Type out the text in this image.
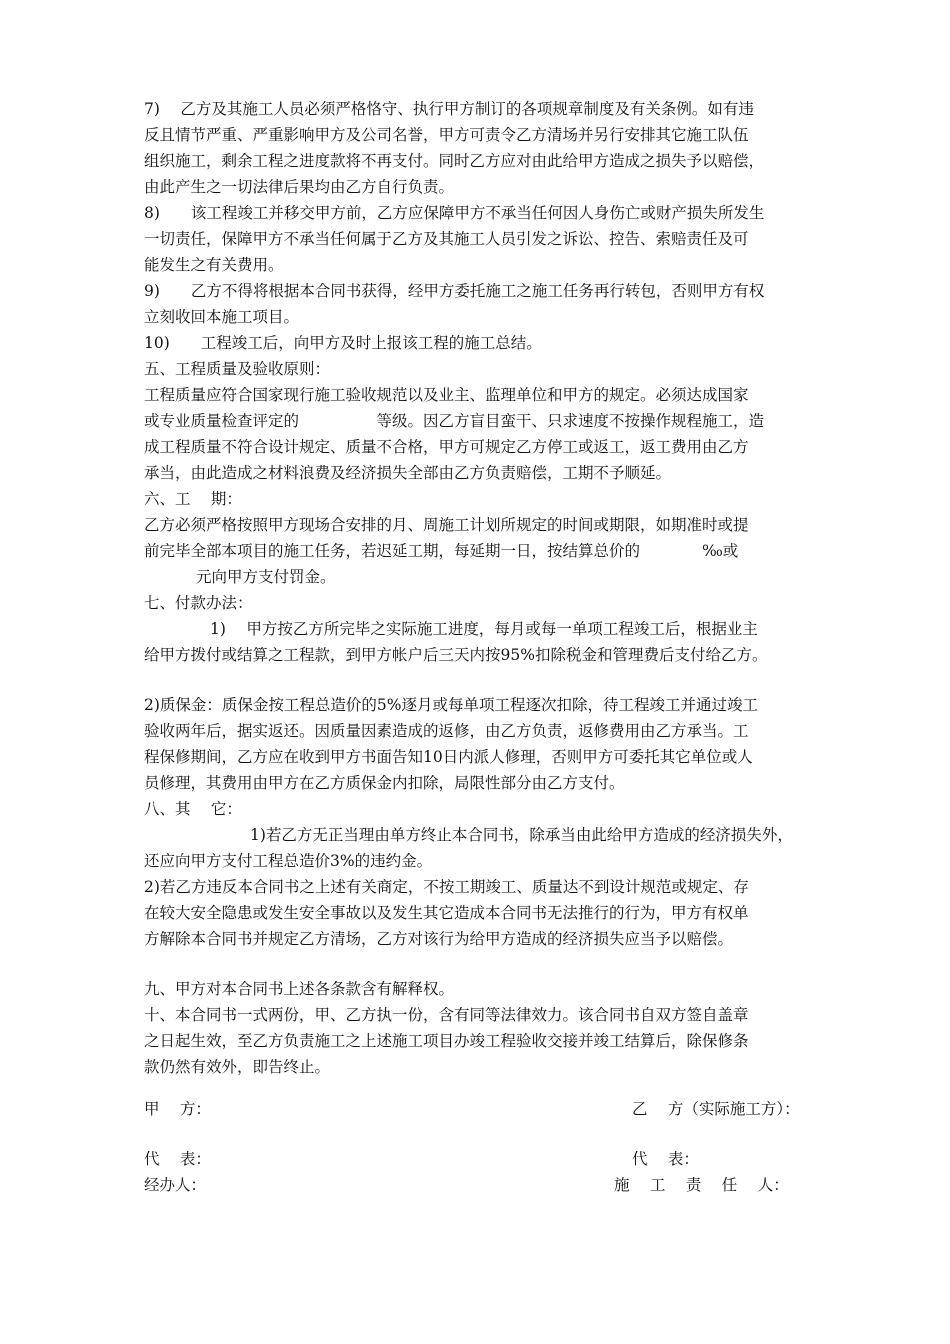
7)　 乙方及其施工人员必须严格恪守、执行甲方制订的各项规章制度及有关条例。如有违
反且情节严重、严重影响甲方及公司名誉，甲方可责令乙方清场并另行安排其它施工队伍
组织施工，剩余工程之进度款将不再支付。同时乙方应对由此给甲方造成之损失予以赔偿，
由此产生之一切法律后果均由乙方自行负责。
8)　　该工程竣工并移交甲方前，乙方应保障甲方不承当任何因人身伤亡或财产损失所发生
一切责任，保障甲方不承当任何属于乙方及其施工人员引发之诉讼、控告、索赔责任及可
能发生之有关费用。
9)　　乙方不得将根据本合同书获得，经甲方委托施工之施工任务再行转包，否则甲方有权
立刻收回本施工项目。
10)　　工程竣工后，向甲方及时上报该工程的施工总结。
五、工程质量及验收原则：
工程质量应符合国家现行施工验收规范以及业主、监理单位和甲方的规定。必须达成国家
或专业质量检查评定的　　　　　等级。因乙方盲目蛮干、只求速度不按操作规程施工，造
成工程质量不符合设计规定、质量不合格，甲方可规定乙方停工或返工，返工费用由乙方
承当，由此造成之材料浪费及经济损失全部由乙方负责赔偿，工期不予顺延。
六、工　 期：
乙方必须严格按照甲方现场合安排的月、周施工计划所规定的时间或期限，如期准时或提
前完毕全部本项目的施工任务，若迟延工期，每延期一日，按结算总价的　　　　‰或
元向甲方支付罚金。
七、付款办法：
1)　 甲方按乙方所完毕之实际施工进度，每月或每一单项工程竣工后，根据业主
给甲方拨付或结算之工程款，到甲方帐户后三天内按95%扣除税金和管理费后支付给乙方。
2)质保金：质保金按工程总造价的5%逐月或每单项工程逐次扣除，待工程竣工并通过竣工
验收两年后，据实返还。因质量因素造成的返修，由乙方负责，返修费用由乙方承当。工
程保修期间，乙方应在收到甲方书面告知10日内派人修理，否则甲方可委托其它单位或人
员修理，其费用由甲方在乙方质保金内扣除，局限性部分由乙方支付。
八、其　 它：
1)若乙方无正当理由单方终止本合同书，除承当由此给甲方造成的经济损失外，
还应向甲方支付工程总造价3%的违约金。
2)若乙方违反本合同书之上述有关商定，不按工期竣工、质量达不到设计规范或规定、存
在较大安全隐患或发生安全事故以及发生其它造成本合同书无法推行的行为，甲方有权单
方解除本合同书并规定乙方清场，乙方对该行为给甲方造成的经济损失应当予以赔偿。
九、甲方对本合同书上述各条款含有解释权。
十、本合同书一式两份，甲、乙方执一份，含有同等法律效力。该合同书自双方签自盖章
之日起生效，至乙方负责施工之上述施工项目办竣工程验收交接并竣工结算后，除保修条
款仍然有效外，即告终止。
甲　 方：	乙　 方（实际施工方）：
代　 表：	代　 表：
经办人：	施　 工　 责　 任　 人：
